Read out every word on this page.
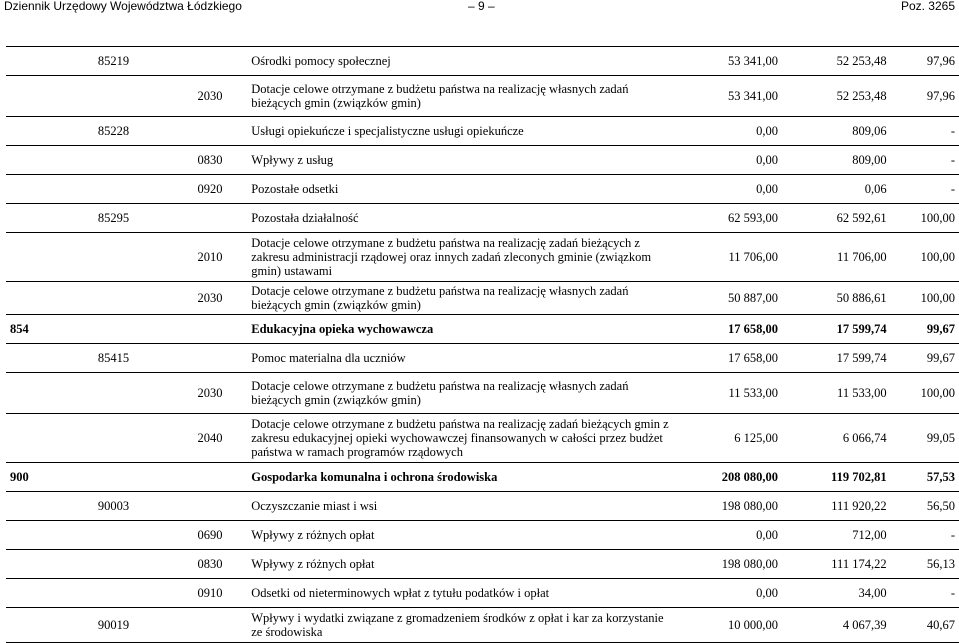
Dziennik Urzędowy Województwa Łódzkiego	– 9 –	Poz. 3265
	85219		Ośrodki pomocy społecznej	53 341,00	52 253,48	97,96
		2030	Dotacje celowe otrzymane z budżetu państwa na realizację własnych zadań bieżących gmin (związków gmin)	53 341,00	52 253,48	97,96
	85228		Usługi opiekuńcze i specjalistyczne usługi opiekuńcze	0,00	809,06	-
		0830	Wpływy z usług	0,00	809,00	-
		0920	Pozostałe odsetki	0,00	0,06	-
	85295		Pozostała działalność	62 593,00	62 592,61	100,00
		2010	Dotacje celowe otrzymane z budżetu państwa na realizację zadań bieżących z zakresu administracji rządowej oraz innych zadań zleconych gminie (związkom gmin) ustawami	11 706,00	11 706,00	100,00
		2030	Dotacje celowe otrzymane z budżetu państwa na realizację własnych zadań bieżących gmin (związków gmin)	50 887,00	50 886,61	100,00
854			Edukacyjna opieka wychowawcza	17 658,00	17 599,74	99,67
	85415		Pomoc materialna dla uczniów	17 658,00	17 599,74	99,67
		2030	Dotacje celowe otrzymane z budżetu państwa na realizację własnych zadań bieżących gmin (związków gmin)	11 533,00	11 533,00	100,00
		2040	Dotacje celowe otrzymane z budżetu państwa na realizację zadań bieżących gmin z zakresu edukacyjnej opieki wychowawczej finansowanych w całości przez budżet państwa w ramach programów rządowych	6 125,00	6 066,74	99,05
900			Gospodarka komunalna i ochrona środowiska	208 080,00	119 702,81	57,53
	90003		Oczyszczanie miast i wsi	198 080,00	111 920,22	56,50
		0690	Wpływy z różnych opłat	0,00	712,00	-
		0830	Wpływy z różnych opłat	198 080,00	111 174,22	56,13
		0910	Odsetki od nieterminowych wpłat z tytułu podatków i opłat	0,00	34,00	-
	90019		Wpływy i wydatki związane z gromadzeniem środków z opłat i kar za korzystanie ze środowiska	10 000,00	4 067,39	40,67
